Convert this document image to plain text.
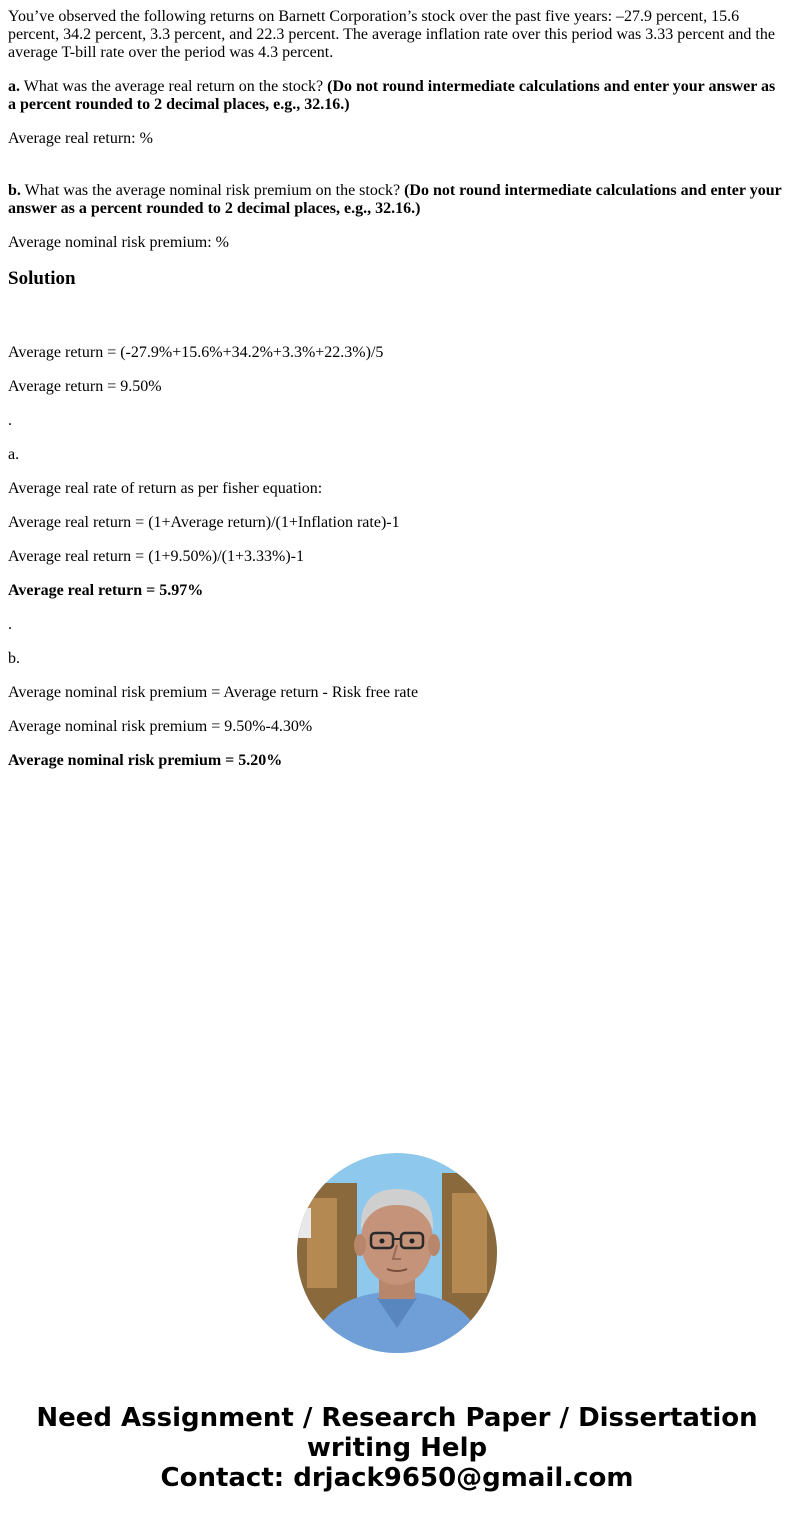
You’ve observed the following returns on Barnett Corporation’s stock over the past five years: –27.9 percent, 15.6 percent, 34.2 percent, 3.3 percent, and 22.3 percent. The average inflation rate over this period was 3.33 percent and the average T-bill rate over the period was 4.3 percent.

a. What was the average real return on the stock? (Do not round intermediate calculations and enter your answer as a percent rounded to 2 decimal places, e.g., 32.16.)

Average real return: %

b. What was the average nominal risk premium on the stock? (Do not round intermediate calculations and enter your answer as a percent rounded to 2 decimal places, e.g., 32.16.)

Average nominal risk premium: %

Solution

Average return = (-27.9%+15.6%+34.2%+3.3%+22.3%)/5

Average return = 9.50%

.

a.

Average real rate of return as per fisher equation:

Average real return = (1+Average return)/(1+Inflation rate)-1

Average real return = (1+9.50%)/(1+3.33%)-1

Average real return = 5.97%

.

b.

Average nominal risk premium = Average return - Risk free rate

Average nominal risk premium = 9.50%-4.30%

Average nominal risk premium = 5.20%

Need Assignment / Research Paper / Dissertation
writing Help
Contact: drjack9650@gmail.com
